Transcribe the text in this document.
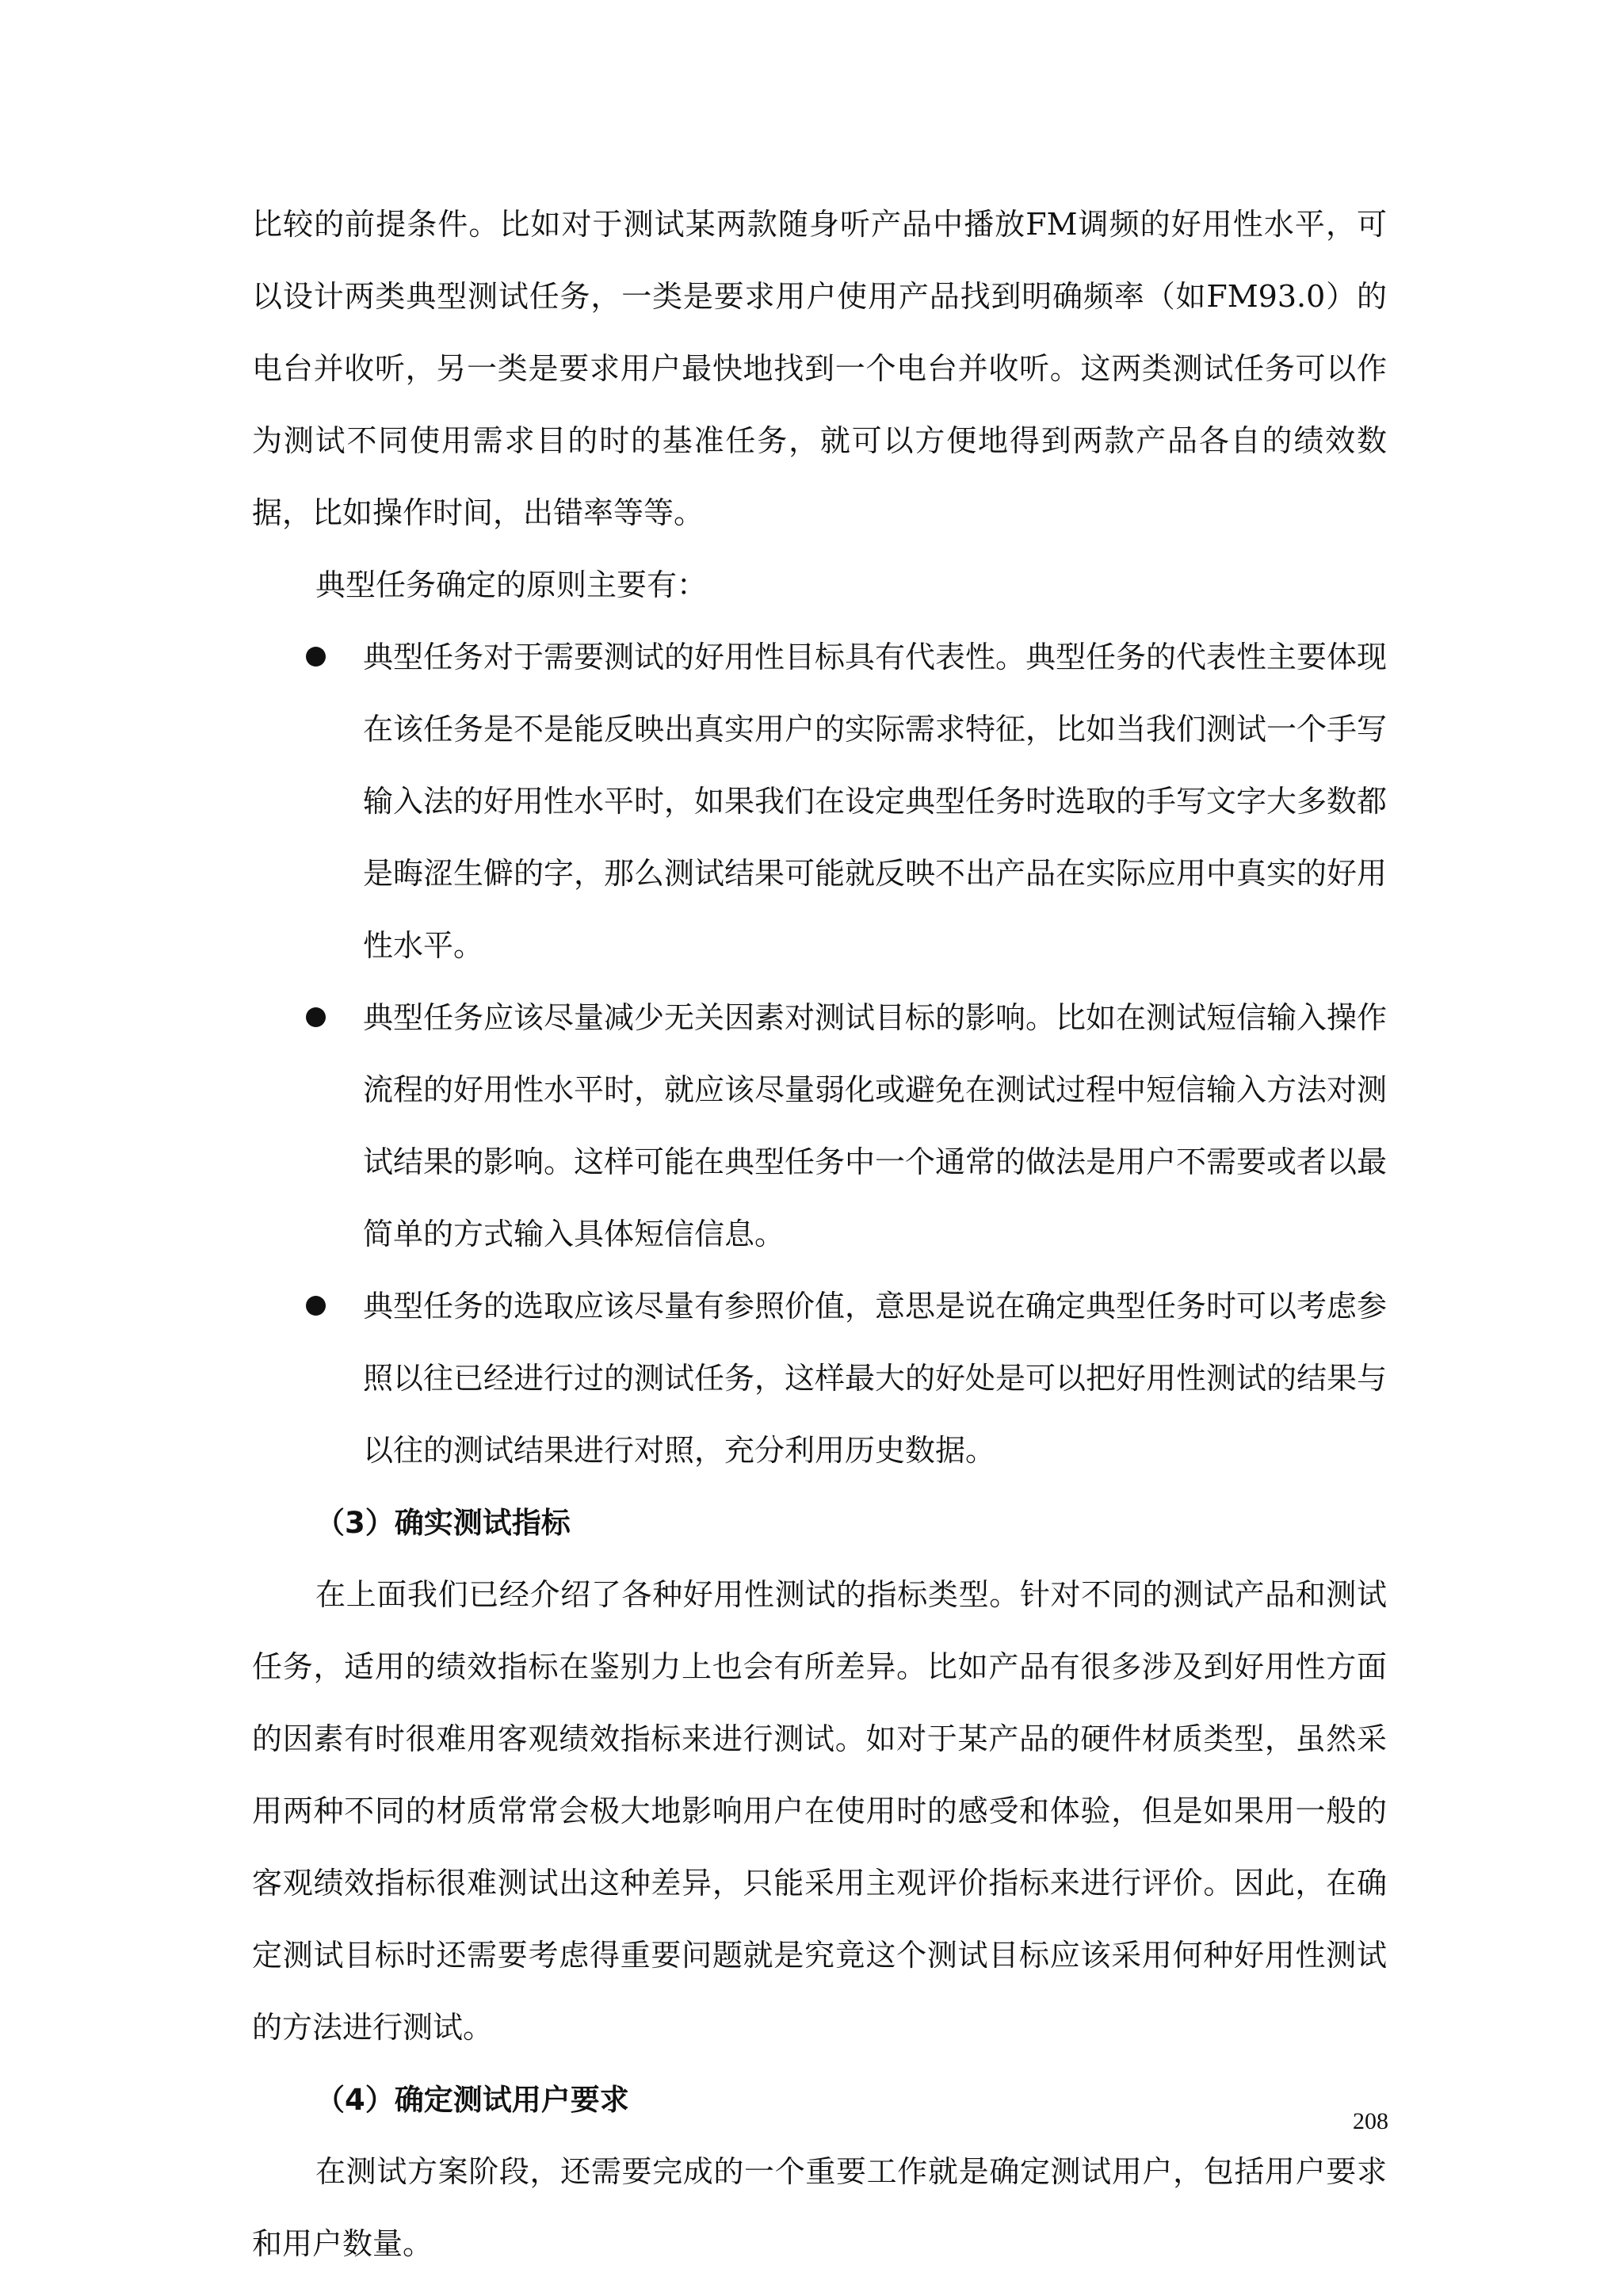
比较的前提条件。比如对于测试某两款随身听产品中播放FM调频的好用性水平，可以设计两类典型测试任务，一类是要求用户使用产品找到明确频率（如FM93.0）的电台并收听，另一类是要求用户最快地找到一个电台并收听。这两类测试任务可以作为测试不同使用需求目的时的基准任务，就可以方便地得到两款产品各自的绩效数据，比如操作时间，出错率等等。

典型任务确定的原则主要有：

典型任务对于需要测试的好用性目标具有代表性。典型任务的代表性主要体现在该任务是不是能反映出真实用户的实际需求特征，比如当我们测试一个手写输入法的好用性水平时，如果我们在设定典型任务时选取的手写文字大多数都是晦涩生僻的字，那么测试结果可能就反映不出产品在实际应用中真实的好用性水平。

典型任务应该尽量减少无关因素对测试目标的影响。比如在测试短信输入操作流程的好用性水平时，就应该尽量弱化或避免在测试过程中短信输入方法对测试结果的影响。这样可能在典型任务中一个通常的做法是用户不需要或者以最简单的方式输入具体短信信息。

典型任务的选取应该尽量有参照价值，意思是说在确定典型任务时可以考虑参照以往已经进行过的测试任务，这样最大的好处是可以把好用性测试的结果与以往的测试结果进行对照，充分利用历史数据。

（3）确实测试指标

在上面我们已经介绍了各种好用性测试的指标类型。针对不同的测试产品和测试任务，适用的绩效指标在鉴别力上也会有所差异。比如产品有很多涉及到好用性方面的因素有时很难用客观绩效指标来进行测试。如对于某产品的硬件材质类型，虽然采用两种不同的材质常常会极大地影响用户在使用时的感受和体验，但是如果用一般的客观绩效指标很难测试出这种差异，只能采用主观评价指标来进行评价。因此，在确定测试目标时还需要考虑得重要问题就是究竟这个测试目标应该采用何种好用性测试的方法进行测试。

（4）确定测试用户要求

在测试方案阶段，还需要完成的一个重要工作就是确定测试用户，包括用户要求和用户数量。

208
